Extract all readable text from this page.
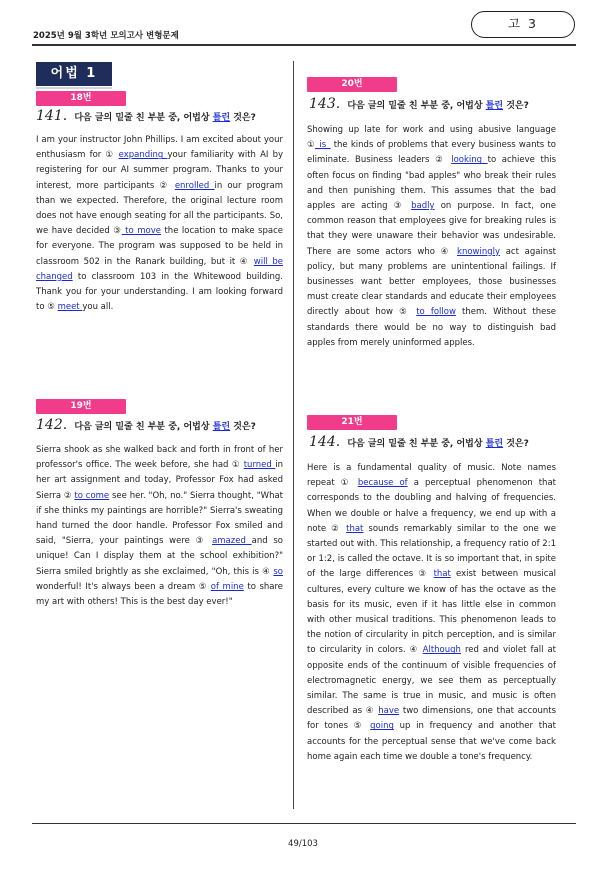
2025년 9월 3학년 모의고사 변형문제
고 3
어법 1
18번
141. 다음 글의 밑줄 친 부분 중, 어법상 틀린 것은?
I am your instructor John Phillips. I am excited about your enthusiasm for ① expanding your familiarity with AI by registering for our AI summer program. Thanks to your interest, more participants ② enrolled in our program than we expected. Therefore, the original lecture room does not have enough seating for all the participants. So, we have decided ③ to move the location to make space for everyone. The program was supposed to be held in classroom 502 in the Ranark building, but it ④ will be changed to classroom 103 in the Whitewood building. Thank you for your understanding. I am looking forward to ⑤ meet you all.
19번
142. 다음 글의 밑줄 친 부분 중, 어법상 틀린 것은?
Sierra shook as she walked back and forth in front of her professor's office. The week before, she had ① turned in her art assignment and today, Professor Fox had asked Sierra ② to come see her. "Oh, no." Sierra thought, "What if she thinks my paintings are horrible?" Sierra's sweating hand turned the door handle. Professor Fox smiled and said, "Sierra, your paintings were ③ amazed and so unique! Can I display them at the school exhibition?" Sierra smiled brightly as she exclaimed, "Oh, this is ④ so wonderful! It's always been a dream ⑤ of mine to share my art with others! This is the best day ever!"
20번
143. 다음 글의 밑줄 친 부분 중, 어법상 틀린 것은?
Showing up late for work and using abusive language ①_is_ the kinds of problems that every business wants to eliminate. Business leaders ② looking to achieve this often focus on finding "bad apples" who break their rules and then punishing them. This assumes that the bad apples are acting ③ badly on purpose. In fact, one common reason that employees give for breaking rules is that they were unaware their behavior was undesirable. There are some actors who ④ knowingly act against policy, but many problems are unintentional failings. If businesses want better employees, those businesses must create clear standards and educate their employees directly about how ⑤ to follow them. Without these standards there would be no way to distinguish bad apples from merely uninformed apples.
21번
144. 다음 글의 밑줄 친 부분 중, 어법상 틀린 것은?
Here is a fundamental quality of music. Note names repeat ① because of a perceptual phenomenon that corresponds to the doubling and halving of frequencies. When we double or halve a frequency, we end up with a note ② that sounds remarkably similar to the one we started out with. This relationship, a frequency ratio of 2:1 or 1:2, is called the octave. It is so important that, in spite of the large differences ③ that exist between musical cultures, every culture we know of has the octave as the basis for its music, even if it has little else in common with other musical traditions. This phenomenon leads to the notion of circularity in pitch perception, and is similar to circularity in colors. ④ Although red and violet fall at opposite ends of the continuum of visible frequencies of electromagnetic energy, we see them as perceptually similar. The same is true in music, and music is often described as ④ have two dimensions, one that accounts for tones ⑤ going up in frequency and another that accounts for the perceptual sense that we've come back home again each time we double a tone's frequency.
49/103
